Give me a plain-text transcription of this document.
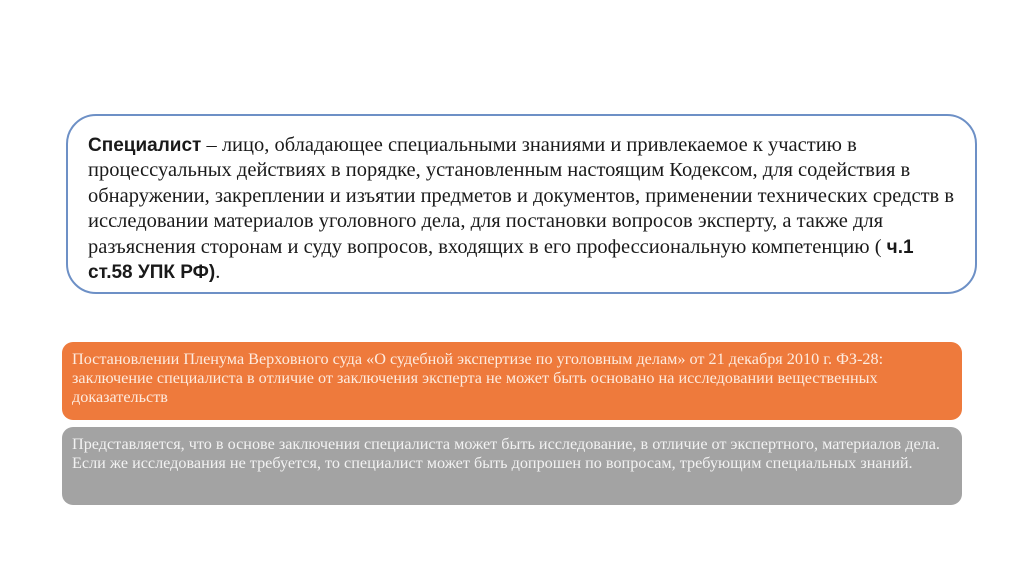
Специалист – лицо, обладающее специальными знаниями и привлекаемое к участию в процессуальных действиях в порядке, установленным настоящим Кодексом, для содействия в обнаружении, закреплении и изъятии предметов и документов, применении технических средств в исследовании материалов уголовного дела, для постановки вопросов эксперту, а также для разъяснения сторонам и суду вопросов, входящих в его профессиональную компетенцию ( ч.1 ст.58 УПК РФ).
Постановлении Пленума Верховного суда «О судебной экспертизе по уголовным делам» от 21 декабря 2010 г. ФЗ-28: заключение специалиста в отличие от заключения эксперта не может быть основано на исследовании вещественных доказательств
Представляется, что в основе заключения специалиста может быть исследование, в отличие от экспертного, материалов дела. Если же исследования не требуется, то специалист может быть допрошен по вопросам, требующим специальных знаний.
